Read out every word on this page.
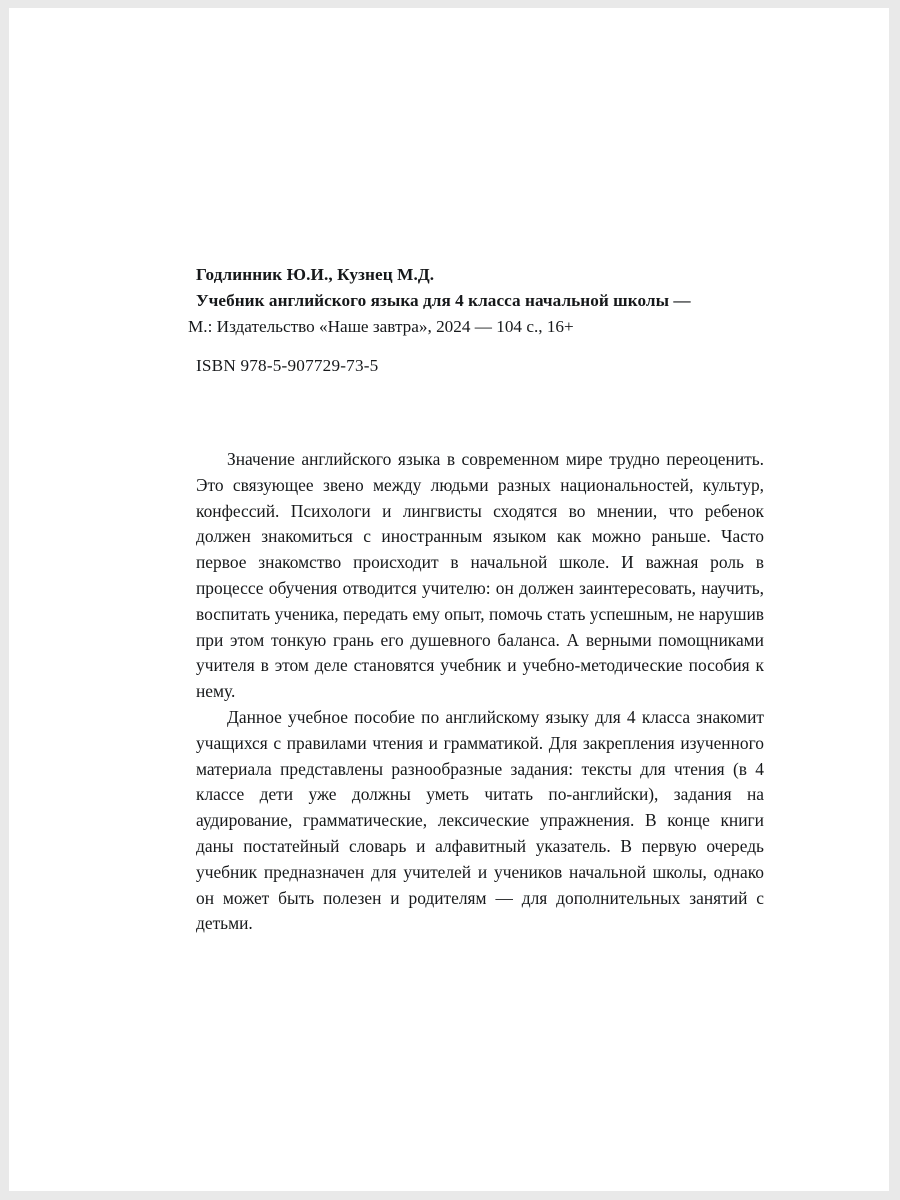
Годлинник Ю.И., Кузнец М.Д.
Учебник английского языка для 4 класса начальной школы —
М.: Издательство «Наше завтра», 2024 — 104 с., 16+
ISBN 978-5-907729-73-5

Значение английского языка в современном мире трудно переоценить. Это связующее звено между людьми разных национальностей, культур, конфессий. Психологи и лингвисты сходятся во мнении, что ребенок должен знакомиться с иностранным языком как можно раньше. Часто первое знакомство происходит в начальной школе. И важная роль в процессе обучения отводится учителю: он должен заинтересовать, научить, воспитать ученика, передать ему опыт, помочь стать успешным, не нарушив при этом тонкую грань его душевного баланса. А верными помощниками учителя в этом деле становятся учебник и учебно-методические пособия к нему.

Данное учебное пособие по английскому языку для 4 класса знакомит учащихся с правилами чтения и грамматикой. Для закрепления изученного материала представлены разнообразные задания: тексты для чтения (в 4 классе дети уже должны уметь читать по-английски), задания на аудирование, грамматические, лексические упражнения. В конце книги даны постатейный словарь и алфавитный указатель. В первую очередь учебник предназначен для учителей и учеников начальной школы, однако он может быть полезен и родителям — для дополнительных занятий с детьми.
